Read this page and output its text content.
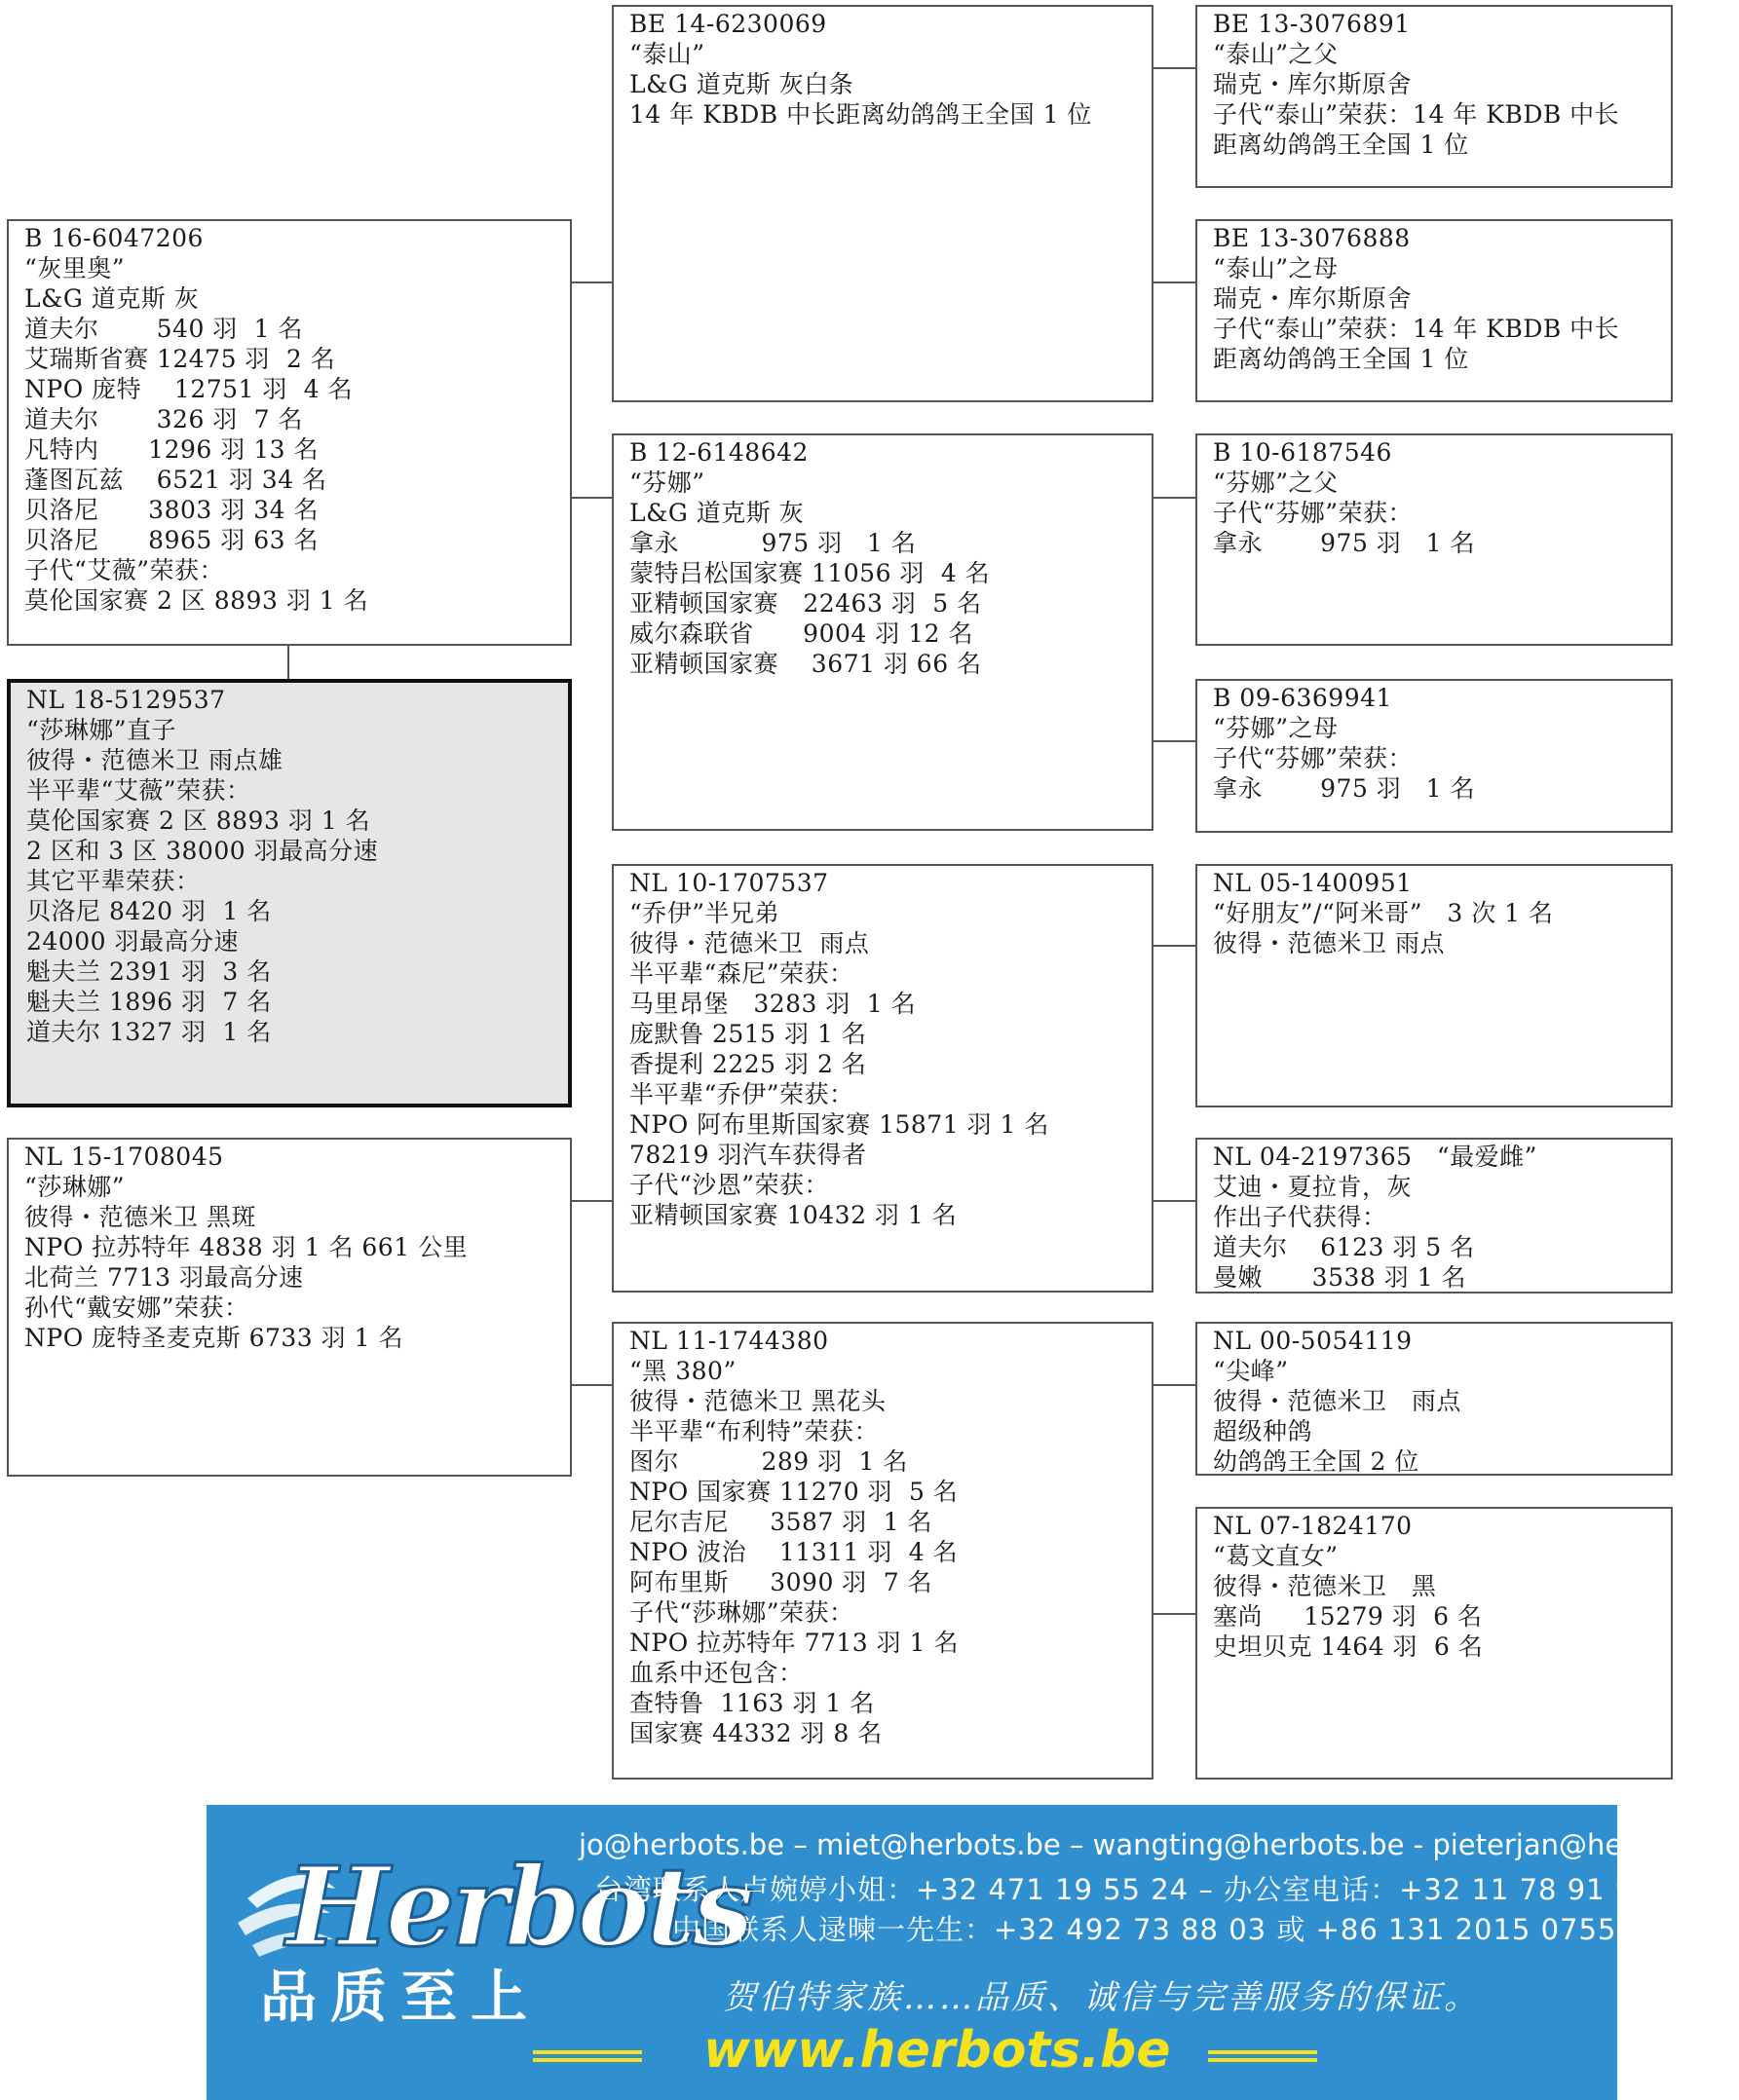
NL 18-5129537
“莎琳娜”直子
彼得・范德米卫 雨点雄
半平辈“艾薇”荣获：
莫伦国家赛 2 区 8893 羽 1 名
2 区和 3 区 38000 羽最高分速
其它平辈荣获：
贝洛尼 8420 羽  1 名
24000 羽最高分速
魁夫兰 2391 羽  3 名
魁夫兰 1896 羽  7 名
道夫尔 1327 羽  1 名
B 16-6047206
“灰里奥”
L&G 道克斯 灰
道夫尔       540 羽  1 名
艾瑞斯省赛 12475 羽  2 名
NPO 庞特    12751 羽  4 名
道夫尔       326 羽  7 名
凡特内      1296 羽 13 名
蓬图瓦兹    6521 羽 34 名
贝洛尼      3803 羽 34 名
贝洛尼      8965 羽 63 名
子代“艾薇”荣获：
莫伦国家赛 2 区 8893 羽 1 名
NL 15-1708045
“莎琳娜”
彼得・范德米卫 黑斑
NPO 拉苏特年 4838 羽 1 名 661 公里
北荷兰 7713 羽最高分速
孙代“戴安娜”荣获：
NPO 庞特圣麦克斯 6733 羽 1 名
BE 14-6230069
“泰山”
L&G 道克斯 灰白条
14 年 KBDB 中长距离幼鸽鸽王全国 1 位
B 12-6148642
“芬娜”
L&G 道克斯 灰
拿永          975 羽   1 名
蒙特吕松国家赛 11056 羽  4 名
亚精顿国家赛   22463 羽  5 名
威尔森联省      9004 羽 12 名
亚精顿国家赛    3671 羽 66 名
NL 10-1707537
“乔伊”半兄弟
彼得・范德米卫  雨点
半平辈“森尼”荣获：
马里昂堡   3283 羽  1 名
庞默鲁 2515 羽 1 名
香提利 2225 羽 2 名
半平辈“乔伊”荣获：
NPO 阿布里斯国家赛 15871 羽 1 名
78219 羽汽车获得者
子代“沙恩”荣获：
亚精顿国家赛 10432 羽 1 名
NL 11-1744380
“黑 380”
彼得・范德米卫 黑花头
半平辈“布利特”荣获：
图尔          289 羽  1 名
NPO 国家赛 11270 羽  5 名
尼尔吉尼     3587 羽  1 名
NPO 波治    11311 羽  4 名
阿布里斯     3090 羽  7 名
子代“莎琳娜”荣获：
NPO 拉苏特年 7713 羽 1 名
血系中还包含：
查特鲁  1163 羽 1 名
国家赛 44332 羽 8 名
BE 13-3076891
“泰山”之父
瑞克・库尔斯原舍
子代“泰山”荣获：14 年 KBDB 中长
距离幼鸽鸽王全国 1 位
BE 13-3076888
“泰山”之母
瑞克・库尔斯原舍
子代“泰山”荣获：14 年 KBDB 中长
距离幼鸽鸽王全国 1 位
B 10-6187546
“芬娜”之父
子代“芬娜”荣获：
拿永       975 羽   1 名
B 09-6369941
“芬娜”之母
子代“芬娜”荣获：
拿永       975 羽   1 名
NL 05-1400951
“好朋友”/“阿米哥”   3 次 1 名
彼得・范德米卫 雨点
NL 04-2197365   “最爱雌”
艾迪・夏拉肯，灰
作出子代获得：
道夫尔    6123 羽 5 名
曼嫩      3538 羽 1 名
NL 00-5054119
“尖峰”
彼得・范德米卫   雨点
超级种鸽
幼鸽鸽王全国 2 位
NL 07-1824170
“葛文直女”
彼得・范德米卫   黑
塞尚     15279 羽  6 名
史坦贝克 1464 羽  6 名
Herbots
品质至上
jo@herbots.be – miet@herbots.be – wangting@herbots.be - pieterjan@herbots.be
台湾联系人卢婉婷小姐：+32 471 19 55 24 – 办公室电话：+32 11 78 91 90
中国联系人逯暕一先生：+32 492 73 88 03 或 +86 131 2015 0755
贺伯特家族……品质、诚信与完善服务的保证。
www.herbots.be
